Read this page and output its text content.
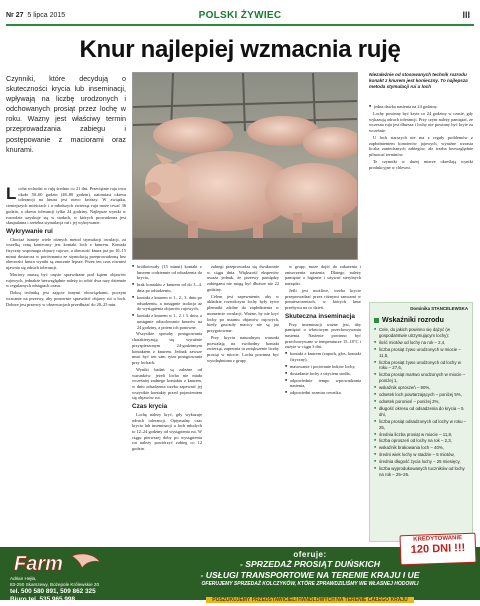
Nr 27 5 lipca 2015	POLSKI ŻYWIEC	III
Knur najlepiej wzmacnia ruję
Czynniki, które decydują o skuteczności krycia lub inseminacji, wpływają na liczbę urodzonych i odchowanych prosiąt przez lochę w roku. Ważny jest właściwy termin przeprowadzania zabiegu i postępowanie z maciorami oraz knurami.
Niezależnie od stosowanych technik rozrodu konakt z knurem jest konieczny. To najlepsza metoda stymulacji rui u loch
■ jedna dawka nasienia na 24 godziny.

Lochy powinny być kryte co 24 godziny w czasie, gdy wykazują odruch tolerancji. Przy czym należy pamiętać, że wczesna ruja jest dłuższa i lochy nie powinny być kryte za wcześnie.

U loch starszych nie ma z reguły problemów z zapłodnieniem konoterów jajowych, wyraźne wzrasta liczba zaniechanych zabiegów, ale trzeba bezwzględnie pilnować terminów.

Te czynniki w dużej mierze określają wyniki produkcyjne w chlewni.

Locha wchodzi w ruję średnio co 21 dni. Przeciętnie ruja trwa około 50–60 godzin (48–80 godzin), natomiast okresu tolerancji na knura jest nieco krótszy. W związku, cieniejszych mieściach i u młodszych zwierząt ruja może trwać 36 godzin, a okresu tolerancji tylko 24 godziny. Najlepsze wyniki w rozrodzie uzyskuje się w stadach, w których prowadzona jest skrupulatna i rzetelna stymulacja rui i jej wykrywanie.

Wykrywanie rui

Chociaż istnieje wiele różnych metod stymulacji owulacji, za wszelką cenę konieczny jest kontakt loch z knurem. Kontakt fizyczny wspomaga objawy rujowe, a obecność knura już po 10–15 minut dostarcza w porównaniu ze stymulacją przeprowadzoną bez obecności knura wyniki są znacznie lepsze. Przez ten czas również ujawnia się odruch tolerancji.

Maciory muszą być często sprawdzane pod kątem objawów rujowych, jednakże bezwzględnie należy to robić dwa razy dziennie w regularnych odstępach czasu.

Dobrą techniką jest zajęcie innymi obowiązkami, poczym wracanie na przerwy, aby ponownie sprawdzić objawy rui u loch. Dobrze jest przerwy w obserwacjach przedłużać do 20–25 min.

■ krótkotrwały (15 minut) kontakt z knurem codziennie od odsadzenia do krycia,
■ brak kontaktu z knurem od do 3.–4. dnia po odsadzeniu,
■ kontakt z knurem w 1., 2., 3. dniu po odsadzeniu, a następnie izolacja aż do wystąpienia objawów rujowych,
■ kontakt z knurem w 1., 2. i 3. dniu, a następnie odizolowanie knurów na 24 godziny, a potem ich ponowne.

Wszystkie sposoby postępowania charakteryzują się wyraźnie przyspieszonym 24-godzinnym kontaktem z knurem. Jednak zawsze musi być ten sam rytm postępowania przy lochach.

Wyniki badań są zależne od warunków: jeżeli locha nie miała wcześniej żadnego kontaktu z knurem, w dniu odsadzenia trzeba zapewnić jej wszystkie kontakty przed pojawieniem się objawów rui.

Czas krycia

Lochę należy kryć, gdy wykazuje odruch tolerancji. Optymalny czas krycia lub inseminacji u loch młodych to 12–24 godziny od wystąpienia rui. W ciągu pierwszej doby po wystąpieniu rui należy powtórzyć zabieg co 12 godzin.

zabiegi przeprowadza się dwukrotnie w ciągu dnia. Większość ekspertów uważa jednak, że przerwy pomiędzy zabiegami nie mogą być dłuższe niż 22 godziny.

Celem jest zapewnienie, aby w układzie rozrodczym lochy były żywe plemniki zdolne do zapłodnienia w momencie owulacji. Ważne, by nie kryć lochy po ustaniu objawów rujowych, kiedy gruczoły macicy nie są już przygotowane.

Przy kryciu naturalnym warunki pozwalają na swobodny kontakt zwierząt, zapewnia to zwiększenie liczby prosiąt w miocie. Locha powinna być wyodrębniona z grupy.

w grupy, może dojść do zakażenia i zniszczenia nasienia. Dlatego należy pamiętać o higienie i używać sterylnych narzędzi.

Jeśli jest możliwe, trzeba krycie przeprowadzać przez różnymi samcami w pomieszczeniach, w których knur przebywa na co dzień.

Skuteczna inseminacja

Przy inseminacji ważne jest, aby pamiętać o właściwym przechowywaniu nasienia. Nasienie powinno być przechowywane w temperaturze 15–18°C i zużyte w ciągu 3 dni.

■ kontakt z knurem (zapach, głos, kontakt fizyczny),
■ masowanie i pocieranie boków lochy,
■ dosiadanie lochy z użyciem siodła,
■ odpowiednie tempo wprowadzania nasienia,
■ odpowiedni rozmiar cewnika.
Dominika STANCELEWSKA
Wskaźniki rozrodu
■ Cele, do jakich powinno się dążyć (w gospodarstwie utrzymującym lochy):
■ ilość miotów od lochy na rok – 2,4,
■ liczba prosiąt żywo urodzonych w miocie – 11,5,
■ liczba prosiąt żywo urodzonych od lochy w roku – 27,6,
■ liczba prosiąt martwo urodzonych w miocie – poniżej 1,
■ wskaźnik oproszeń – 90%,
■ odsetek loch powtarzających – poniżej 5%,
■ odsetek poronień – poniżej 2%,
■ długość okresu od odsadzenia do krycia – 5 dni,
■ liczba prosiąt odsadzonych od lochy w roku – 25,
■ średnia liczba prosiąt w miocie – 11,8,
■ liczba oproszeń od lochy na rok – 2,3,
■ wskaźnik brakowania loch – 40%,
■ średni wiek lochy w stadzie – 5 miotów,
■ średnia długość życia lochy – 25 miesięcy,
■ liczba wyprodukowanych tuczników od lochy na rok – 25–26.
Farm
Adrian Hejła,
83-250 Skarszewy, Bożepole Królewskie 20
tel. 500 580 891, 509 862 325
Biuro tel. 535 965 998
oferuje:
- SPRZEDAŻ PROSIĄT DUŃSKICH
- USŁUGI TRANSPORTOWE NA TERENIE KRAJU I UE
OFERUJEMY SPRZEDAŻ KOLCZYKÓW, KTÓRE ZPRAWDZILIŚMY WE WŁASNEJ HODOWLI
POSZUKUJEMY PRZEDSTAWICIELI HANDLOWYCH NA TERENIE CAŁEGO KRAJU
KREDYTOWANIE
120 DNI !!!
